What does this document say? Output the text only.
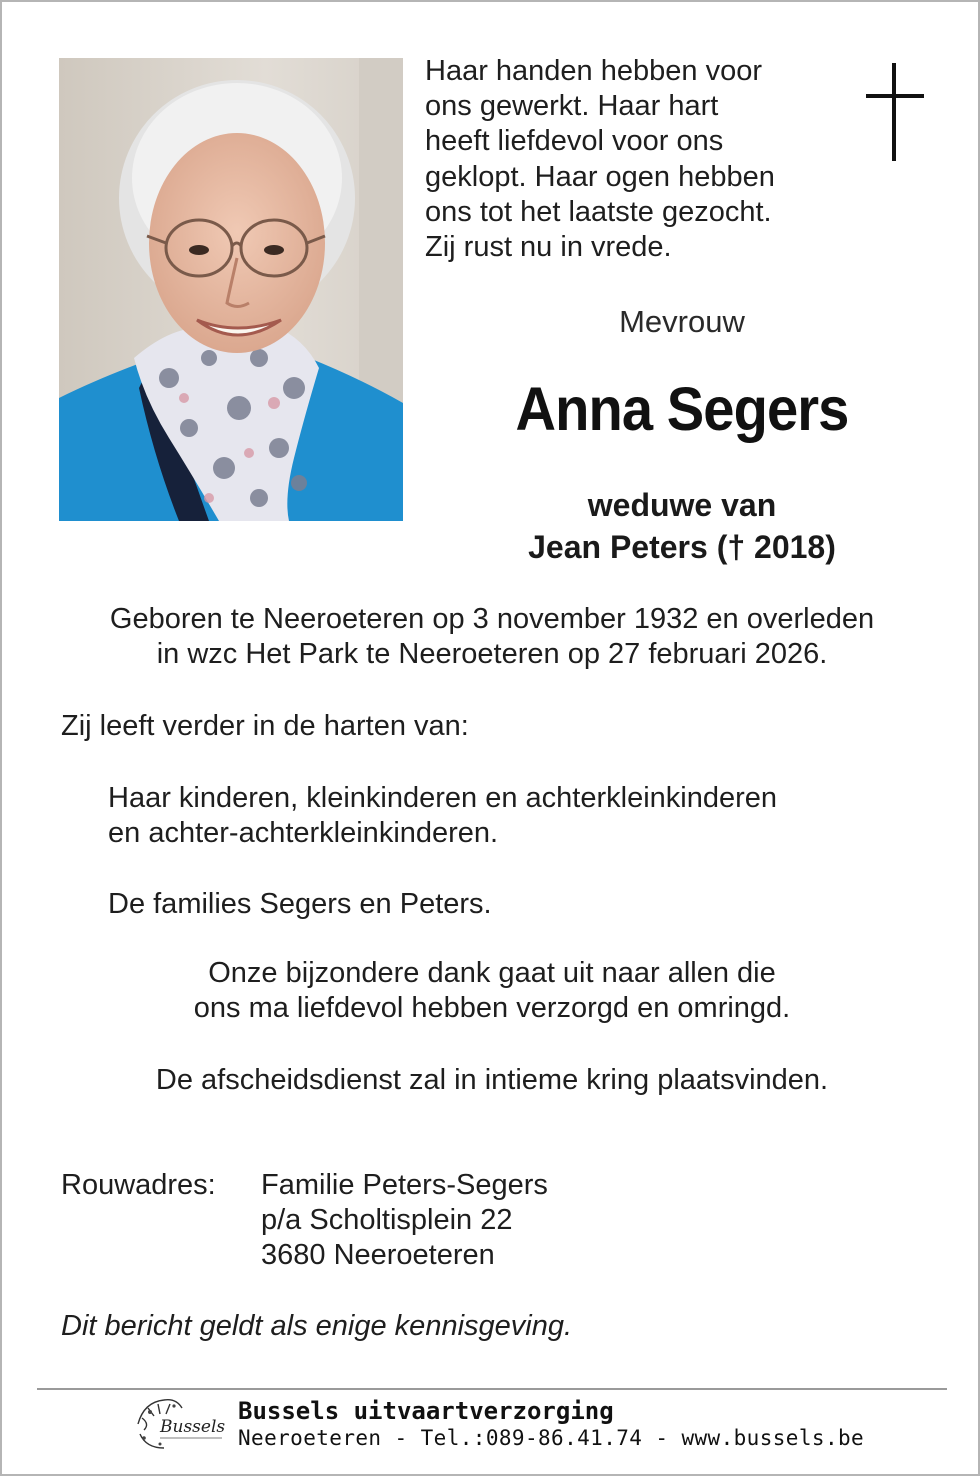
Haar handen hebben voor
ons gewerkt. Haar hart
heeft liefdevol voor ons
geklopt. Haar ogen hebben
ons tot het laatste gezocht.
Zij rust nu in vrede.
Mevrouw
Anna Segers
weduwe van
Jean Peters († 2018)
Geboren te Neeroeteren op 3 november 1932 en overleden
in wzc Het Park te Neeroeteren op 27 februari 2026.
Zij leeft verder in de harten van:
Haar kinderen, kleinkinderen en achterkleinkinderen
en achter-achterkleinkinderen.
De families Segers en Peters.
Onze bijzondere dank gaat uit naar allen die
ons ma liefdevol hebben verzorgd en omringd.
De afscheidsdienst zal in intieme kring plaatsvinden.
Rouwadres: Familie Peters-Segers
p/a Scholtisplein 22
3680 Neeroeteren
Dit bericht geldt als enige kennisgeving.
Bussels
Bussels uitvaartverzorging
Neeroeteren - Tel.:089-86.41.74 - www.bussels.be
